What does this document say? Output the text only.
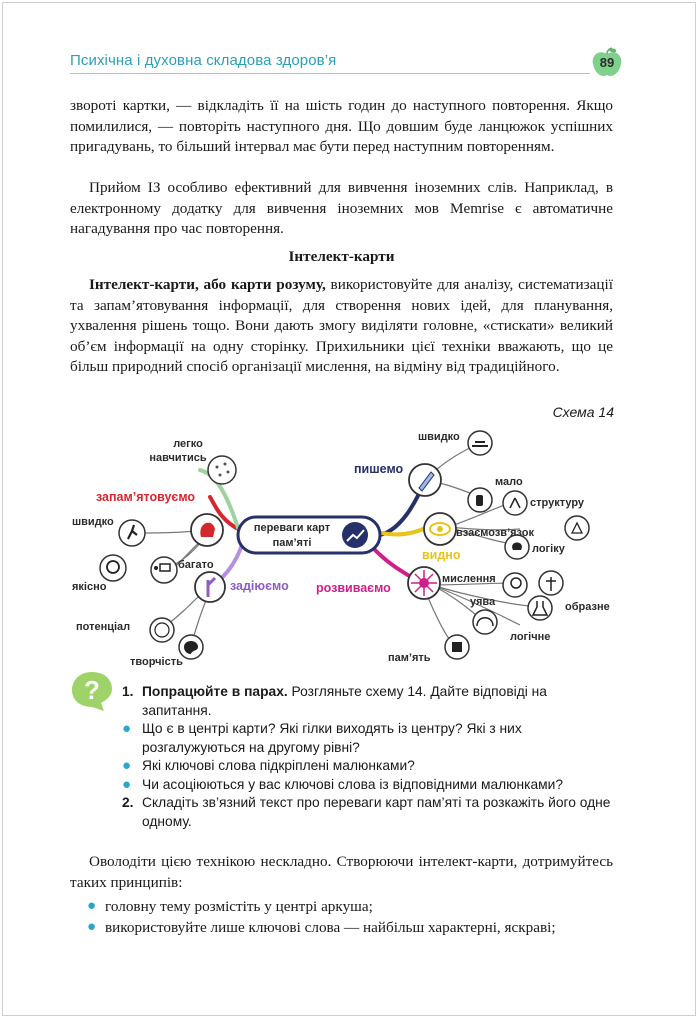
Психічна і духовна складова здоров’я	89

звороті картки, — відкладіть її на шість годин до наступного повторення. Якщо помилилися, — повторіть наступного дня. Що довшим буде ланцюжок успішних пригадувань, то більший інтервал має бути перед наступним повторенням.

Прийом ІЗ особливо ефективний для вивчення іноземних слів. Наприклад, в електронному додатку для вивчення іноземних мов Memrise є автоматичне нагадування про час повторення.

Інтелект-карти

Інтелект-карти, або карти розуму, використовуйте для аналізу, систематизації та запам’ятовування інформації, для створення нових ідей, для планування, ухвалення рішень тощо. Вони дають змогу виділяти головне, «стискати» великий об’єм інформації на одну сторінку. Прихильники цієї техніки вважають, що це більш природний спосіб організації мислення, на відміну від традиційного.

Схема 14
переваги карт
пам’яті
легко
навчитись
запам’ятовуємо
швидко
якісно
багато
задіюємо
потенціал
творчість
швидко
пишемо
мало
структуру
взаємозв’язок
видно	логіку
розвиваємо
мислення
уява	образне
логічне
пам’ять
? 1. Попрацюйте в парах. Розгляньте схему 14. Дайте відповіді на запитання.
● Що є в центрі карти? Які гілки виходять із центру? Які з них розгалужуються на другому рівні?
● Які ключові слова підкріплені малюнками?
● Чи асоціюються у вас ключові слова із відповідними малюнками?
2. Складіть зв’язний текст про переваги карт пам’яті та розкажіть його одне одному.

Оволодіти цією технікою нескладно. Створюючи інтелект-карти, дотримуйтесь таких принципів:

● головну тему розмістіть у центрі аркуша;
● використовуйте лише ключові слова — найбільш характерні, яскраві;
